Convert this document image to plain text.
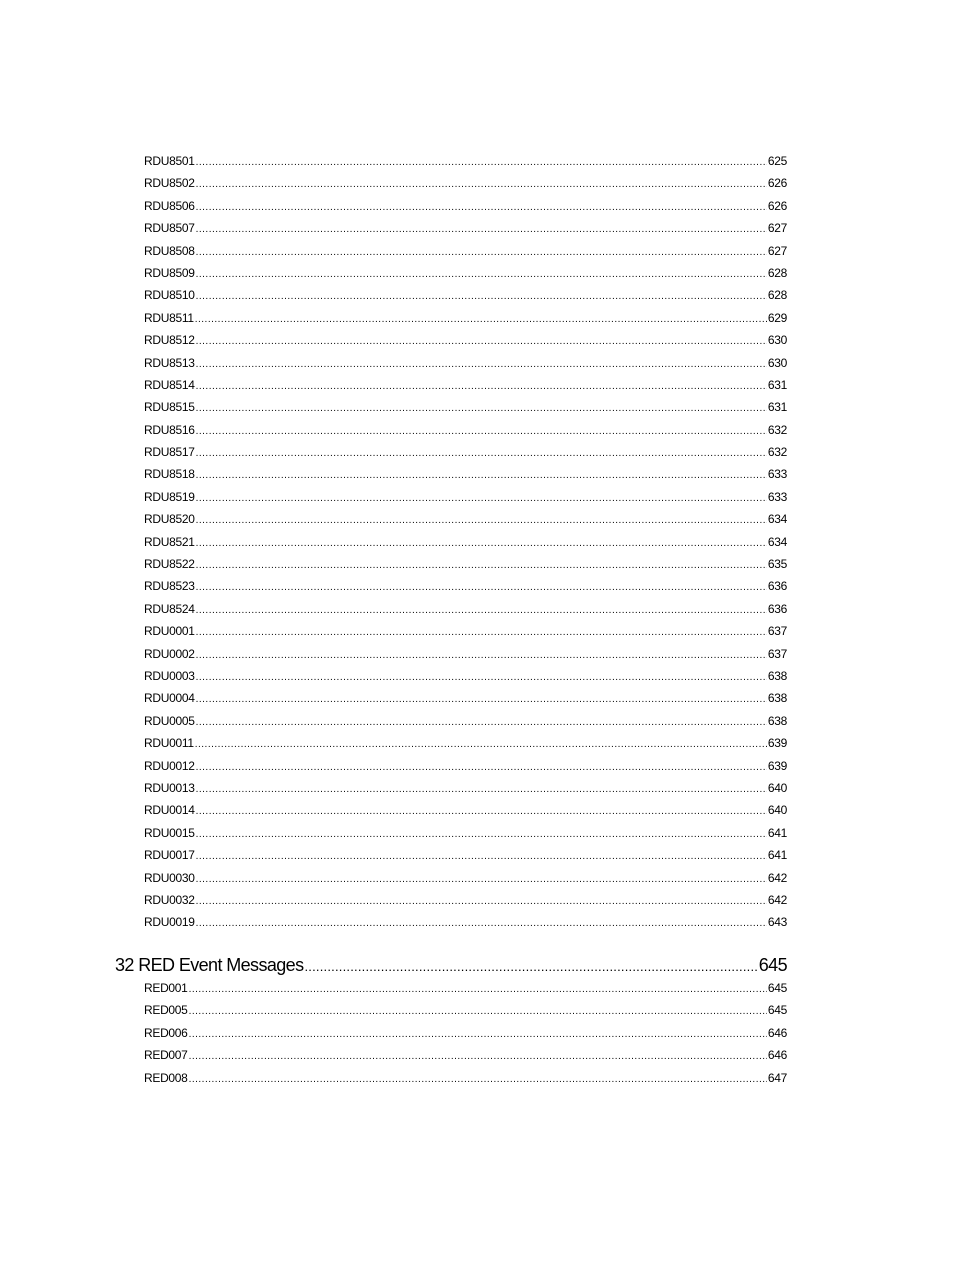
RDU8501 .....	625
RDU8502 .....	626
RDU8506 .....	626
RDU8507 .....	627
RDU8508 .....	627
RDU8509 .....	628
RDU8510 .....	628
RDU8511 .....	629
RDU8512 .....	630
RDU8513 .....	630
RDU8514 .....	631
RDU8515 .....	631
RDU8516 .....	632
RDU8517 .....	632
RDU8518 .....	633
RDU8519 .....	633
RDU8520 .....	634
RDU8521 .....	634
RDU8522 .....	635
RDU8523 .....	636
RDU8524 .....	636
RDU0001 .....	637
RDU0002 .....	637
RDU0003 .....	638
RDU0004 .....	638
RDU0005 .....	638
RDU0011 .....	639
RDU0012 .....	639
RDU0013 .....	640
RDU0014 .....	640
RDU0015 .....	641
RDU0017 .....	641
RDU0030 .....	642
RDU0032 .....	642
RDU0019 .....	643
32 RED Event Messages .....	645
RED001 .....	645
RED005 .....	645
RED006 .....	646
RED007 .....	646
RED008 .....	647
